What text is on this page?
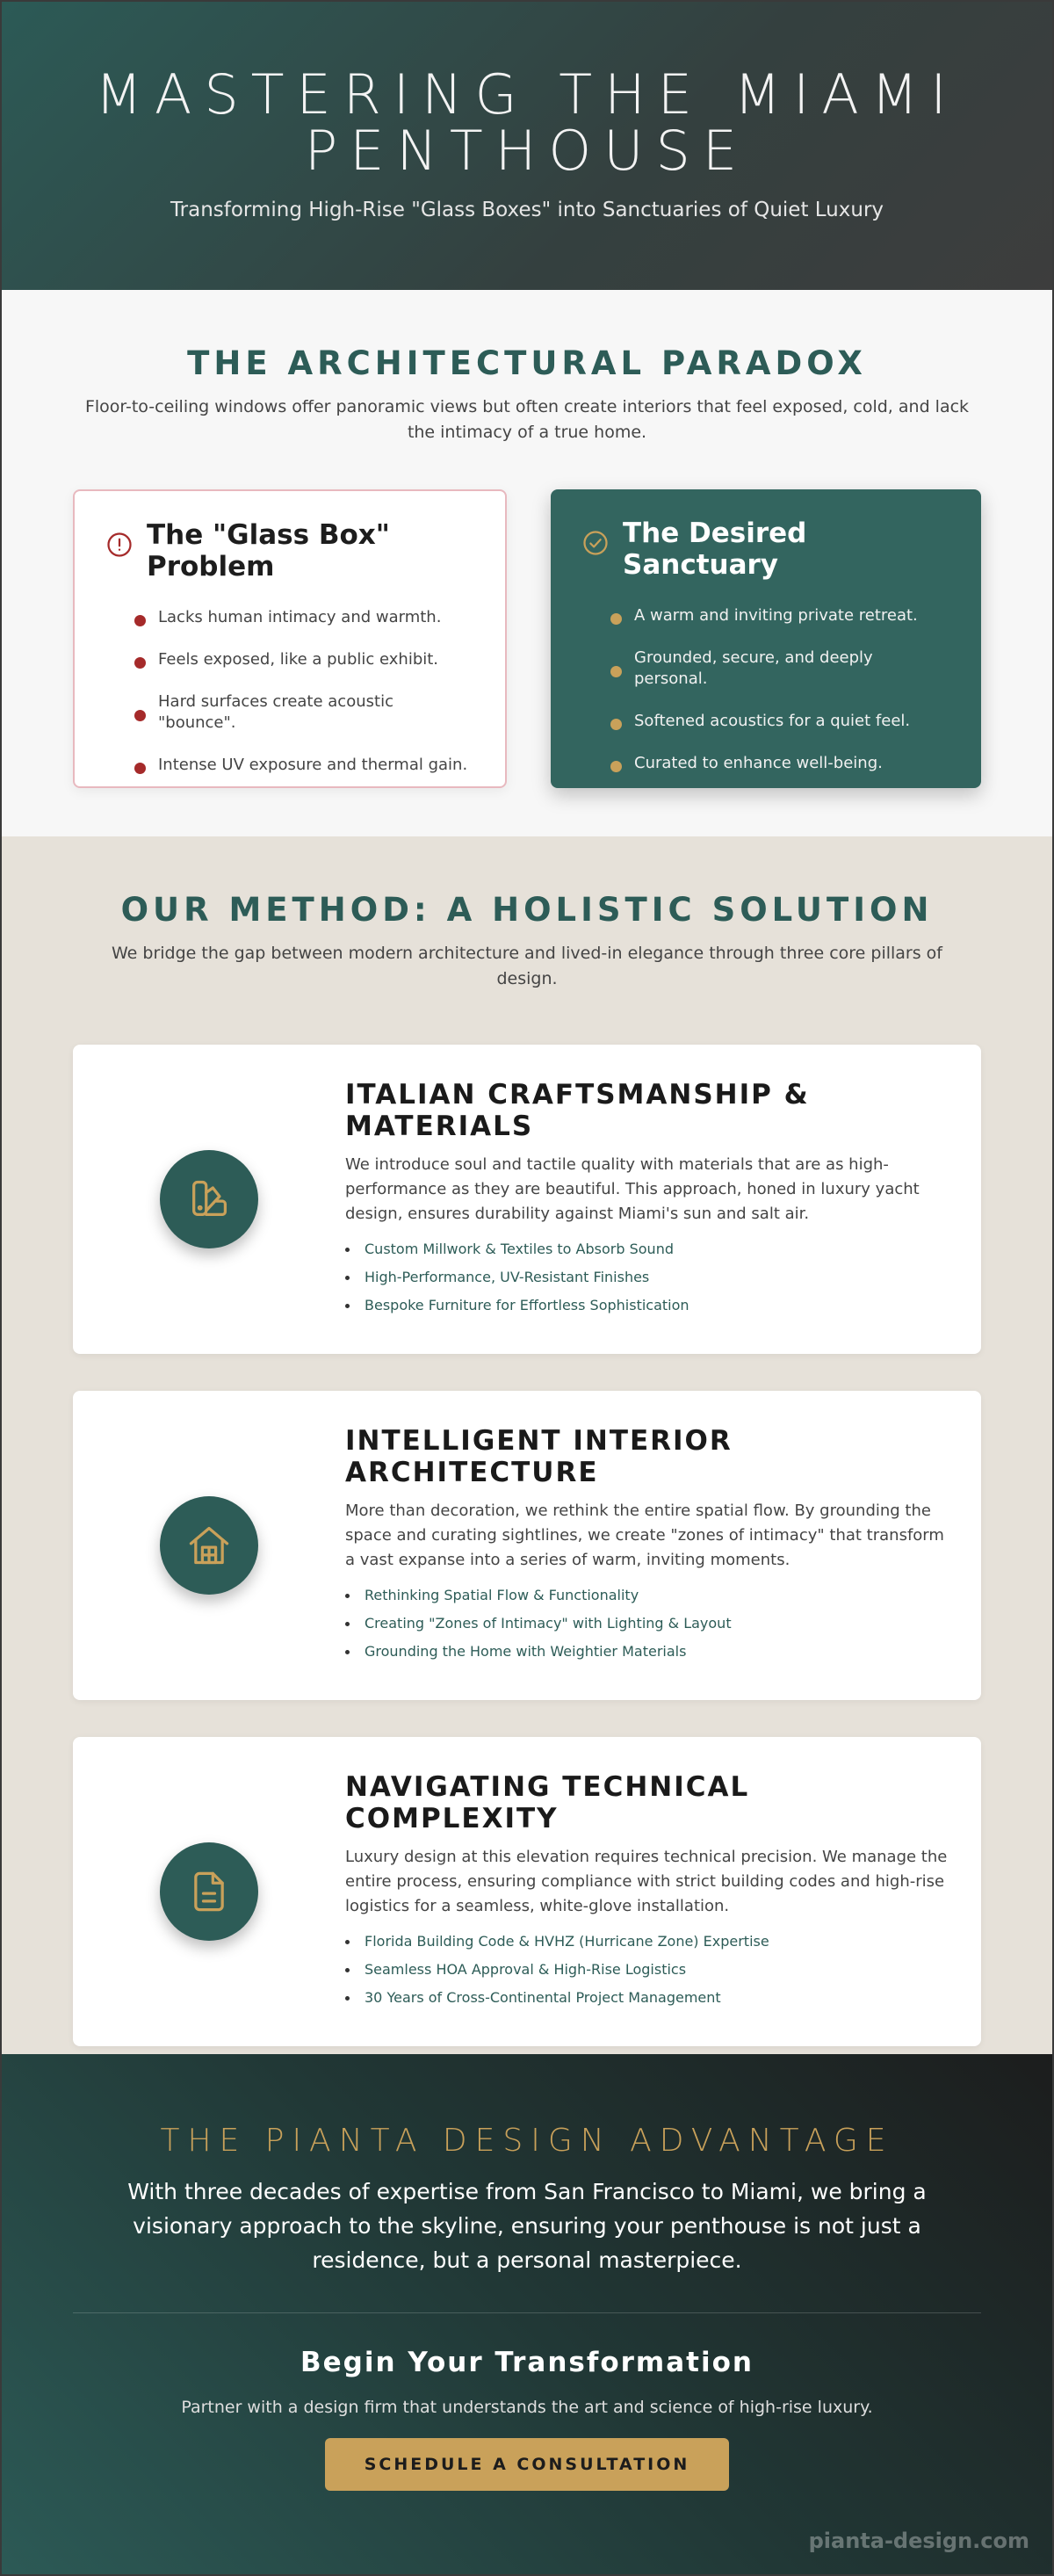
MASTERING THE MIAMI PENTHOUSE

Transforming High-Rise "Glass Boxes" into Sanctuaries of Quiet Luxury

THE ARCHITECTURAL PARADOX

Floor-to-ceiling windows offer panoramic views but often create interiors that feel exposed, cold, and lack the intimacy of a true home.

The "Glass Box" Problem
Lacks human intimacy and warmth.
Feels exposed, like a public exhibit.
Hard surfaces create acoustic "bounce".
Intense UV exposure and thermal gain.
The Desired Sanctuary
A warm and inviting private retreat.
Grounded, secure, and deeply personal.
Softened acoustics for a quiet feel.
Curated to enhance well-being.
OUR METHOD: A HOLISTIC SOLUTION

We bridge the gap between modern architecture and lived-in elegance through three core pillars of design.

ITALIAN CRAFTSMANSHIP & MATERIALS

We introduce soul and tactile quality with materials that are as high-performance as they are beautiful. This approach, honed in luxury yacht design, ensures durability against Miami's sun and salt air.

Custom Millwork & Textiles to Absorb Sound
High-Performance, UV-Resistant Finishes
Bespoke Furniture for Effortless Sophistication
INTELLIGENT INTERIOR ARCHITECTURE

More than decoration, we rethink the entire spatial flow. By grounding the space and curating sightlines, we create "zones of intimacy" that transform a vast expanse into a series of warm, inviting moments.

Rethinking Spatial Flow & Functionality
Creating "Zones of Intimacy" with Lighting & Layout
Grounding the Home with Weightier Materials
NAVIGATING TECHNICAL COMPLEXITY

Luxury design at this elevation requires technical precision. We manage the entire process, ensuring compliance with strict building codes and high-rise logistics for a seamless, white-glove installation.

Florida Building Code & HVHZ (Hurricane Zone) Expertise
Seamless HOA Approval & High-Rise Logistics
30 Years of Cross-Continental Project Management
THE PIANTA DESIGN ADVANTAGE

With three decades of expertise from San Francisco to Miami, we bring a visionary approach to the skyline, ensuring your penthouse is not just a residence, but a personal masterpiece.

Begin Your Transformation

Partner with a design firm that understands the art and science of high-rise luxury.

SCHEDULE A CONSULTATION
pianta-design.com
